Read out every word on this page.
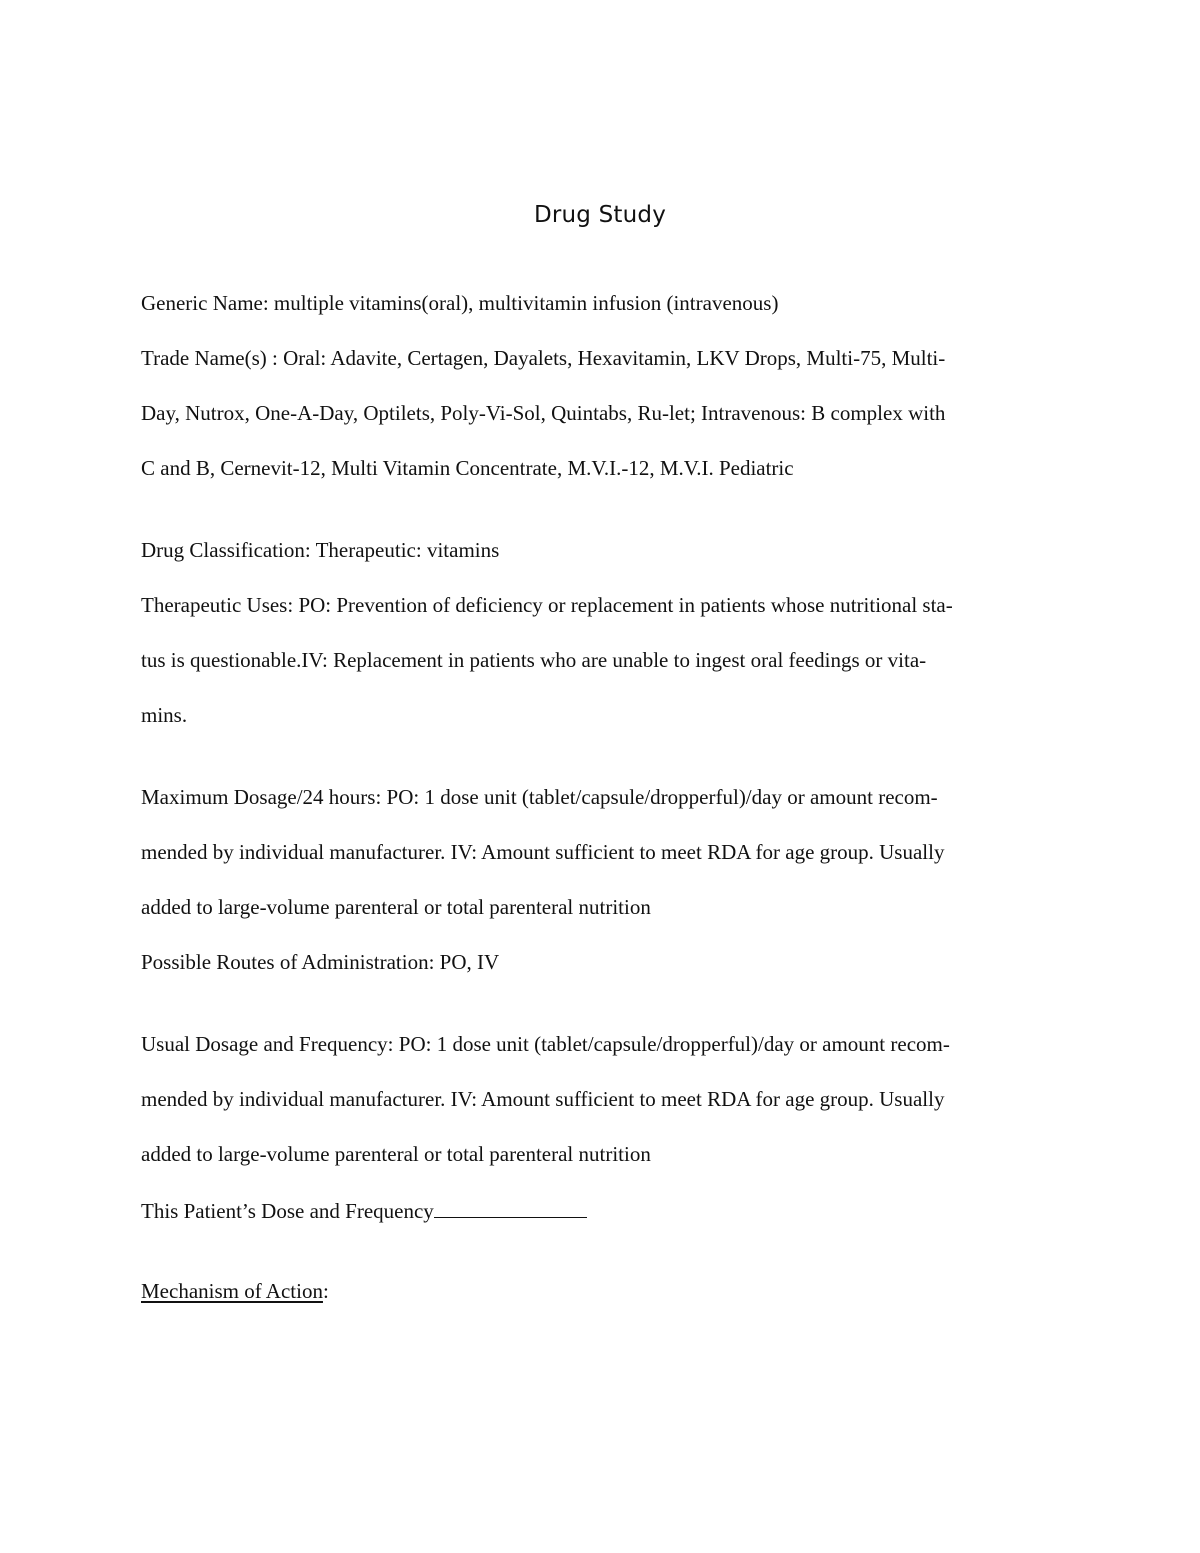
Drug Study

Generic Name: multiple vitamins(oral), multivitamin infusion (intravenous)

Trade Name(s) : Oral: Adavite, Certagen, Dayalets, Hexavitamin, LKV Drops, Multi-75, Multi-

Day, Nutrox, One-A-Day, Optilets, Poly-Vi-Sol, Quintabs, Ru-let; Intravenous: B complex with

C and B, Cernevit-12, Multi Vitamin Concentrate, M.V.I.-12, M.V.I. Pediatric

Drug Classification: Therapeutic: vitamins

Therapeutic Uses: PO: Prevention of deficiency or replacement in patients whose nutritional sta-

tus is questionable.IV: Replacement in patients who are unable to ingest oral feedings or vita-

mins.

Maximum Dosage/24 hours: PO: 1 dose unit (tablet/capsule/dropperful)/day or amount recom-

mended by individual manufacturer. IV: Amount sufficient to meet RDA for age group. Usually

added to large-volume parenteral or total parenteral nutrition

Possible Routes of Administration: PO, IV

Usual Dosage and Frequency: PO: 1 dose unit (tablet/capsule/dropperful)/day or amount recom-

mended by individual manufacturer. IV: Amount sufficient to meet RDA for age group. Usually

added to large-volume parenteral or total parenteral nutrition

This Patient’s Dose and Frequency

Mechanism of Action:
